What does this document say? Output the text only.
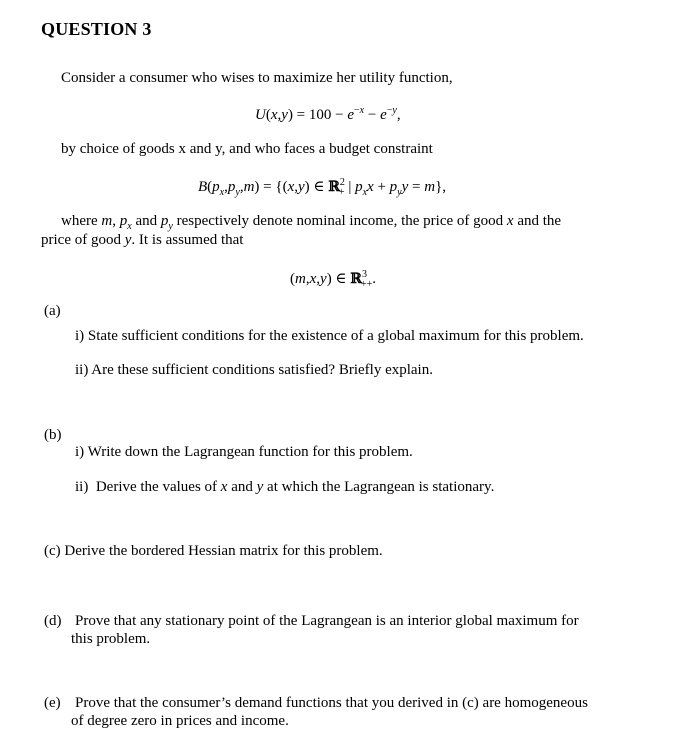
QUESTION 3
Consider a consumer who wises to maximize her utility function,
$U(x,y) = 100 - e^{-x} - e^{-y}$,
by choice of goods x and y, and who faces a budget constraint
$B(p_x,p_y,m) = \{(x,y)$ ∈ ℝ$^2_+$ | $p_xx + p_yy = m$},
where m, $p_x$ and $p_y$ respectively denote nominal income, the price of good x and the
price of good y. It is assumed that
(m,x,y) ∈ ℝ$^3_{++}$.
(a)
i) State sufficient conditions for the existence of a global maximum for this problem.
ii) Are these sufficient conditions satisfied? Briefly explain.
(b)
i) Write down the Lagrangean function for this problem.
ii)  Derive the values of x and y at which the Lagrangean is stationary.
(c) Derive the bordered Hessian matrix for this problem.
(d) Prove that any stationary point of the Lagrangean is an interior global maximum for
this problem.
(e) Prove that the consumer’s demand functions that you derived in (c) are homogeneous
of degree zero in prices and income.
